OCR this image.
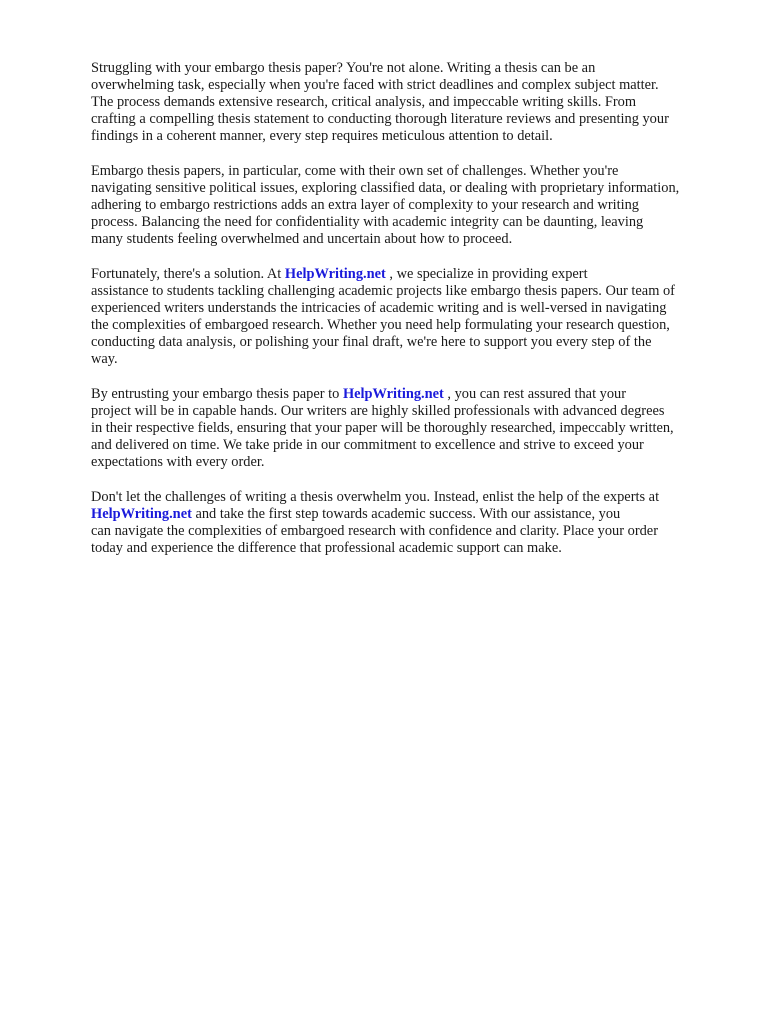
Struggling with your embargo thesis paper? You're not alone. Writing a thesis can be an
overwhelming task, especially when you're faced with strict deadlines and complex subject matter.
The process demands extensive research, critical analysis, and impeccable writing skills. From
crafting a compelling thesis statement to conducting thorough literature reviews and presenting your
findings in a coherent manner, every step requires meticulous attention to detail.

Embargo thesis papers, in particular, come with their own set of challenges. Whether you're
navigating sensitive political issues, exploring classified data, or dealing with proprietary information,
adhering to embargo restrictions adds an extra layer of complexity to your research and writing
process. Balancing the need for confidentiality with academic integrity can be daunting, leaving
many students feeling overwhelmed and uncertain about how to proceed.

Fortunately, there's a solution. At HelpWriting.net , we specialize in providing expert
assistance to students tackling challenging academic projects like embargo thesis papers. Our team of
experienced writers understands the intricacies of academic writing and is well-versed in navigating
the complexities of embargoed research. Whether you need help formulating your research question,
conducting data analysis, or polishing your final draft, we're here to support you every step of the
way.

By entrusting your embargo thesis paper to HelpWriting.net , you can rest assured that your
project will be in capable hands. Our writers are highly skilled professionals with advanced degrees
in their respective fields, ensuring that your paper will be thoroughly researched, impeccably written,
and delivered on time. We take pride in our commitment to excellence and strive to exceed your
expectations with every order.

Don't let the challenges of writing a thesis overwhelm you. Instead, enlist the help of the experts at
HelpWriting.net and take the first step towards academic success. With our assistance, you
can navigate the complexities of embargoed research with confidence and clarity. Place your order
today and experience the difference that professional academic support can make.
